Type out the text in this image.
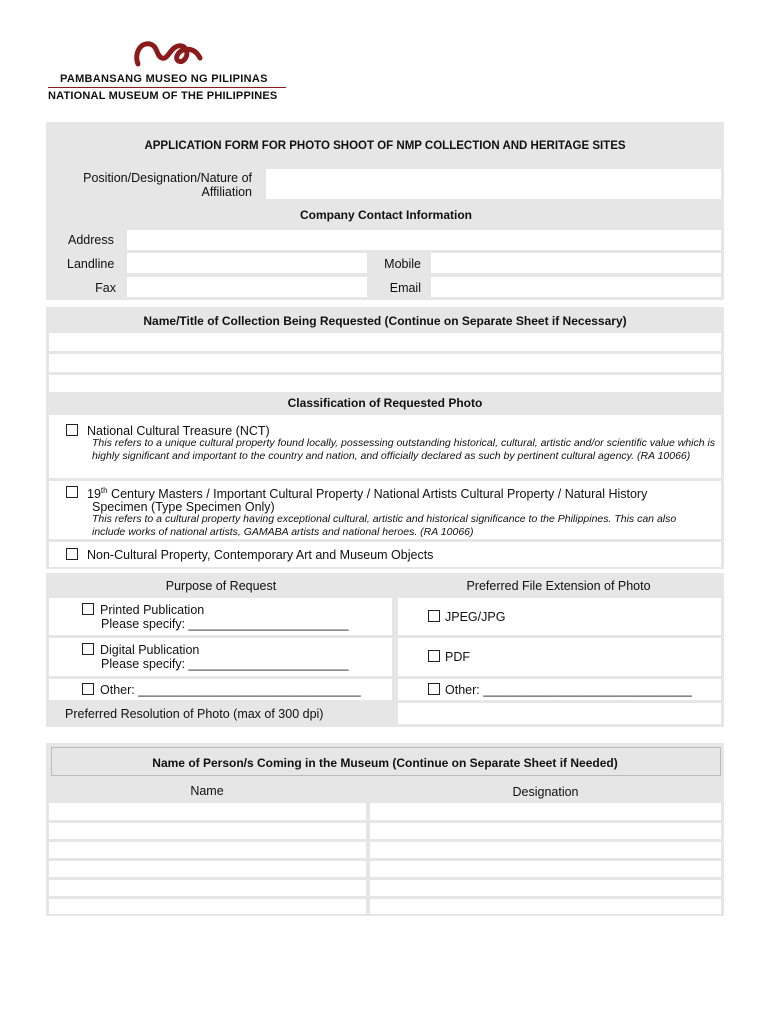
PAMBANSANG MUSEO NG PILIPINAS
NATIONAL MUSEUM OF THE PHILIPPINES
APPLICATION FORM FOR PHOTO SHOOT OF NMP COLLECTION AND HERITAGE SITES
Position/Designation/Nature of
Affiliation
Company Contact Information
Address
Landline	Mobile
Fax	Email
Name/Title of Collection Being Requested (Continue on Separate Sheet if Necessary)
Classification of Requested Photo
National Cultural Treasure (NCT)
This refers to a unique cultural property found locally, possessing outstanding historical, cultural, artistic and/or scientific value which is highly significant and important to the country and nation, and officially declared as such by pertinent cultural agency. (RA 10066)
19th Century Masters / Important Cultural Property / National Artists Cultural Property / Natural History
Specimen (Type Specimen Only)
This refers to a cultural property having exceptional cultural, artistic and historical significance to the Philippines. This can also include works of national artists, GAMABA artists and national heroes. (RA 10066)
Non-Cultural Property, Contemporary Art and Museum Objects
Purpose of Request	Preferred File Extension of Photo
Printed Publication
Please specify: _______________________	JPEG/JPG
Digital Publication
Please specify: _______________________	PDF
Other: ________________________________	Other: ______________________________
Preferred Resolution of Photo (max of 300 dpi)
Name of Person/s Coming in the Museum (Continue on Separate Sheet if Needed)
Name	Designation
